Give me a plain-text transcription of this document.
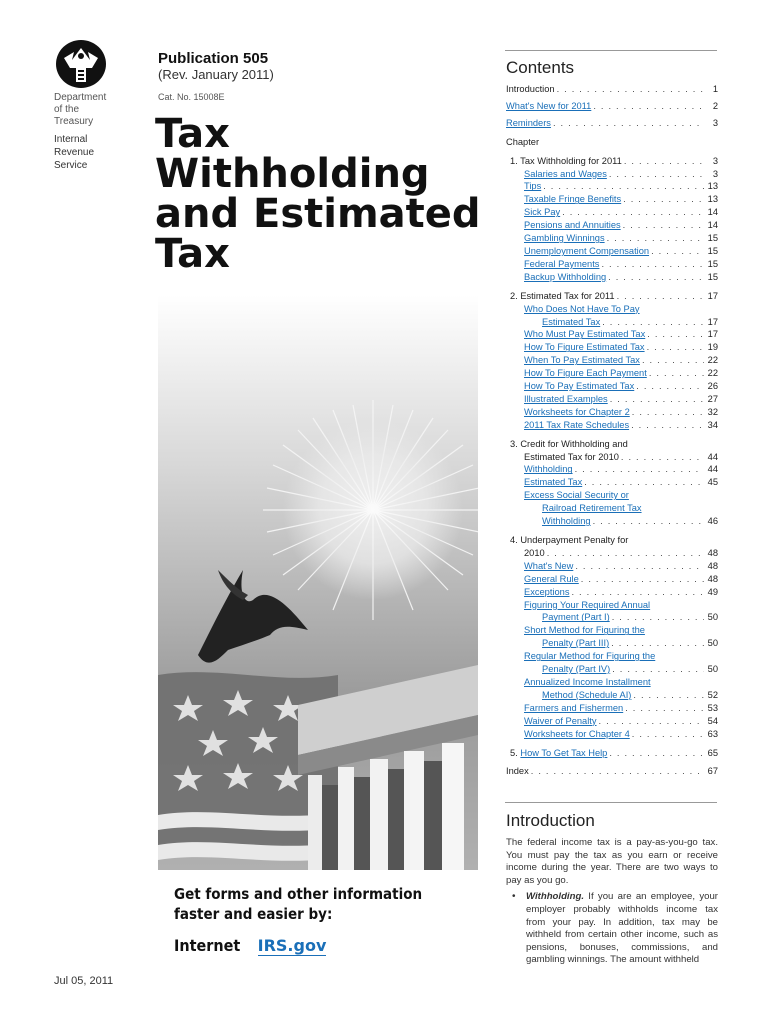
Department
of the
Treasury
Internal
Revenue
Service
Jul 05, 2011
Publication 505
(Rev. January 2011)
Cat. No. 15008E
Tax
Withholding
and Estimated
Tax
Get forms and other information
faster and easier by:
Internet IRS.gov
Contents
Introduction . . .	1
What's New for 2011 . . .	2
Reminders . . .	3
Chapter
1. Tax Withholding for 2011 . . .	3
Salaries and Wages . . .	3
Tips . . .	13
Taxable Fringe Benefits . . .	13
Sick Pay . . .	14
Pensions and Annuities . . .	14
Gambling Winnings . . .	15
Unemployment Compensation . . .	15
Federal Payments . . .	15
Backup Withholding . . .	15
2. Estimated Tax for 2011 . . .	17
Who Does Not Have To Pay
Estimated Tax . . .	17
Who Must Pay Estimated Tax . . .	17
How To Figure Estimated Tax . . .	19
When To Pay Estimated Tax . . .	22
How To Figure Each Payment . . .	22
How To Pay Estimated Tax . . .	26
Illustrated Examples . . .	27
Worksheets for Chapter 2 . . .	32
2011 Tax Rate Schedules . . .	34
3. Credit for Withholding and
Estimated Tax for 2010 . . .	44
Withholding . . .	44
Estimated Tax . . .	45
Excess Social Security or
Railroad Retirement Tax
Withholding . . .	46
4. Underpayment Penalty for
2010 . . .	48
What's New . . .	48
General Rule . . .	48
Exceptions . . .	49
Figuring Your Required Annual
Payment (Part I) . . .	50
Short Method for Figuring the
Penalty (Part III) . . .	50
Regular Method for Figuring the
Penalty (Part IV) . . .	50
Annualized Income Installment
Method (Schedule AI) . . .	52
Farmers and Fishermen . . .	53
Waiver of Penalty . . .	54
Worksheets for Chapter 4 . . .	63
5.
How To Get Tax Help . . .	65
Index . . .	67
Introduction

The federal income tax is a pay-as-you-go tax. You must pay the tax as you earn or receive income during the year. There are two ways to pay as you go.

•	Withholding. If you are an employee, your employer probably withholds income tax from your pay. In addition, tax may be withheld from certain other income, such as pensions, bonuses, commissions, and gambling winnings. The amount withheld
